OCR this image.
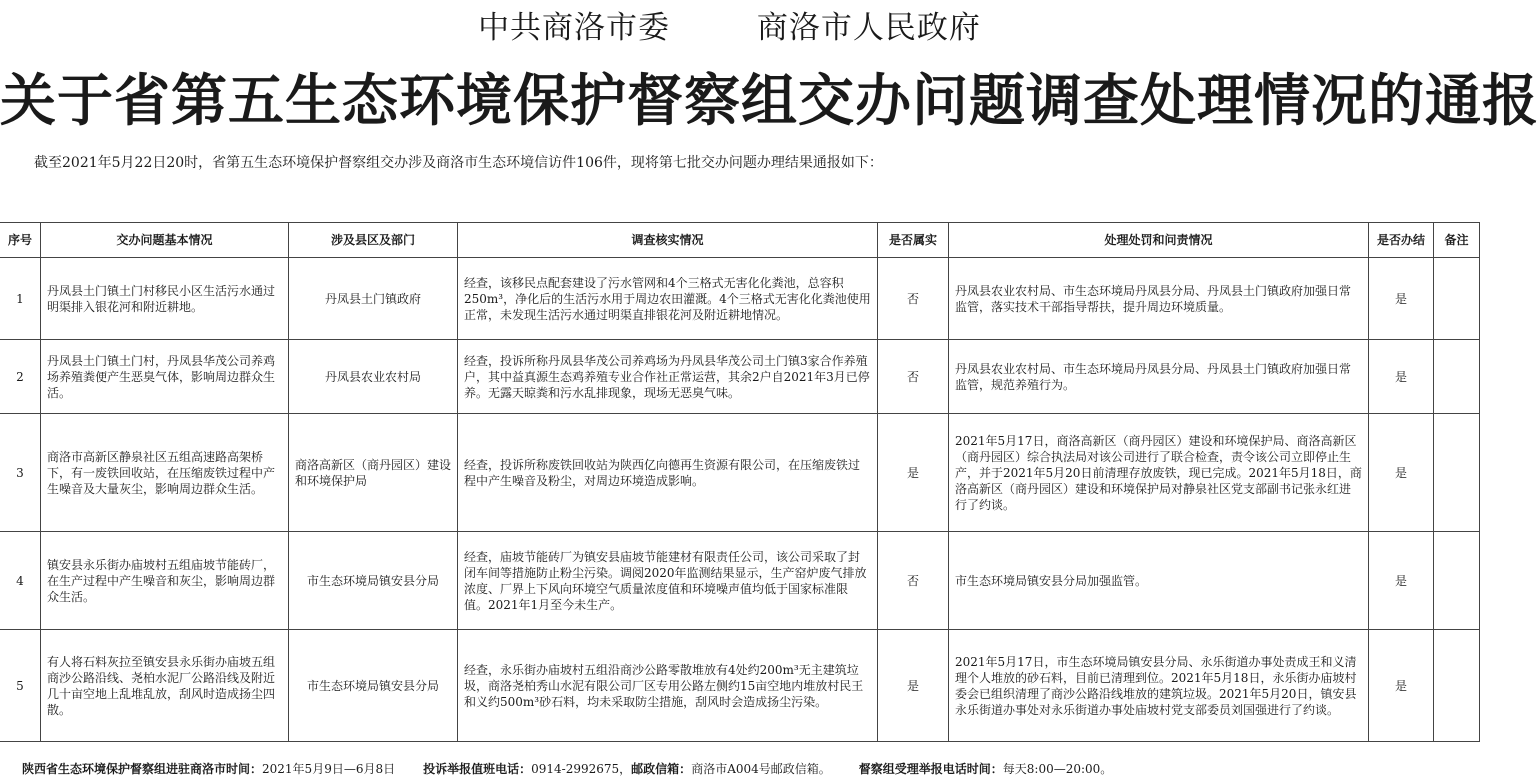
中共商洛市委	商洛市人民政府
关于省第五生态环境保护督察组交办问题调查处理情况的通报
截至2021年5月22日20时，省第五生态环境保护督察组交办涉及商洛市生态环境信访件106件，现将第七批交办问题办理结果通报如下：
序号	交办问题基本情况	涉及县区及部门	调查核实情况	是否属实	处理处罚和问责情况	是否办结	备注
1	丹凤县土门镇土门村移民小区生活污水通过明渠排入银花河和附近耕地。	丹凤县土门镇政府	经查，该移民点配套建设了污水管网和4个三格式无害化化粪池，总容积250m³，净化后的生活污水用于周边农田灌溉。4个三格式无害化化粪池使用正常，未发现生活污水通过明渠直排银花河及附近耕地情况。	否	丹凤县农业农村局、市生态环境局丹凤县分局、丹凤县土门镇政府加强日常监管，落实技术干部指导帮扶，提升周边环境质量。	是	
2	丹凤县土门镇土门村，丹凤县华茂公司养鸡场养殖粪便产生恶臭气体，影响周边群众生活。	丹凤县农业农村局	经查，投诉所称丹凤县华茂公司养鸡场为丹凤县华茂公司土门镇3家合作养殖户，其中益真源生态鸡养殖专业合作社正常运营，其余2户自2021年3月已停养。无露天晾粪和污水乱排现象，现场无恶臭气味。	否	丹凤县农业农村局、市生态环境局丹凤县分局、丹凤县土门镇政府加强日常监管，规范养殖行为。	是	
3	商洛市高新区静泉社区五组高速路高架桥下，有一废铁回收站，在压缩废铁过程中产生噪音及大量灰尘，影响周边群众生活。	商洛高新区（商丹园区）建设和环境保护局	经查，投诉所称废铁回收站为陕西亿向德再生资源有限公司，在压缩废铁过程中产生噪音及粉尘，对周边环境造成影响。	是	2021年5月17日，商洛高新区（商丹园区）建设和环境保护局、商洛高新区（商丹园区）综合执法局对该公司进行了联合检查，责令该公司立即停止生产，并于2021年5月20日前清理存放废铁，现已完成。2021年5月18日，商洛高新区（商丹园区）建设和环境保护局对静泉社区党支部副书记张永红进行了约谈。	是	
4	镇安县永乐街办庙坡村五组庙坡节能砖厂，在生产过程中产生噪音和灰尘，影响周边群众生活。	市生态环境局镇安县分局	经查，庙坡节能砖厂为镇安县庙坡节能建材有限责任公司，该公司采取了封闭车间等措施防止粉尘污染。调阅2020年监测结果显示，生产窑炉废气排放浓度、厂界上下风向环境空气质量浓度值和环境噪声值均低于国家标准限值。2021年1月至今未生产。	否	市生态环境局镇安县分局加强监管。	是	
5	有人将石料灰拉至镇安县永乐街办庙坡五组商沙公路沿线、尧柏水泥厂公路沿线及附近几十亩空地上乱堆乱放，刮风时造成扬尘四散。	市生态环境局镇安县分局	经查，永乐街办庙坡村五组沿商沙公路零散堆放有4处约200m³无主建筑垃圾，商洛尧柏秀山水泥有限公司厂区专用公路左侧约15亩空地内堆放村民王和义约500m³砂石料，均未采取防尘措施，刮风时会造成扬尘污染。	是	2021年5月17日，市生态环境局镇安县分局、永乐街道办事处责成王和义清理个人堆放的砂石料，目前已清理到位。2021年5月18日，永乐街办庙坡村委会已组织清理了商沙公路沿线堆放的建筑垃圾。2021年5月20日，镇安县永乐街道办事处对永乐街道办事处庙坡村党支部委员刘国强进行了约谈。	是	
陕西省生态环境保护督察组进驻商洛市时间：2021年5月9日—6月8日 投诉举报值班电话：0914-2992675，邮政信箱：商洛市A004号邮政信箱。 督察组受理举报电话时间：每天8:00—20:00。
